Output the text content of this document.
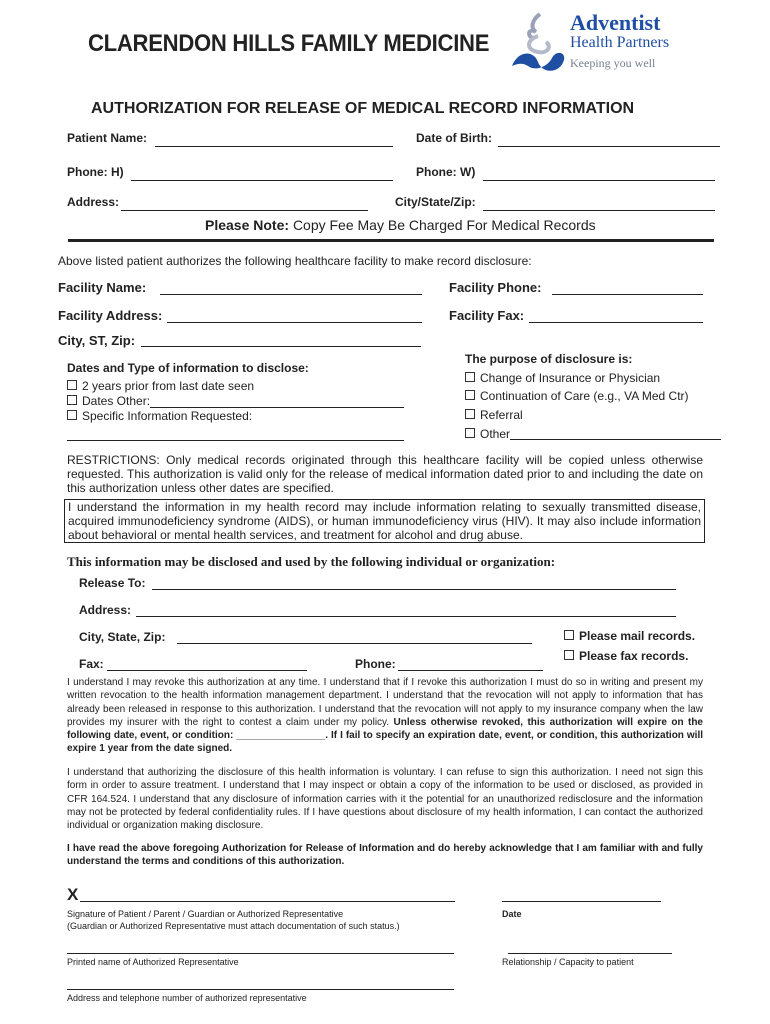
CLARENDON HILLS FAMILY MEDICINE
Adventist
Health Partners
Keeping you well
AUTHORIZATION FOR RELEASE OF MEDICAL RECORD INFORMATION
Patient Name:	Date of Birth:
Phone: H)	Phone: W)
Address:	City/State/Zip:
Please Note: Copy Fee May Be Charged For Medical Records
Above listed patient authorizes the following healthcare facility to make record disclosure:
Facility Name:	Facility Phone:
Facility Address:	Facility Fax:
City, ST, Zip:
Dates and Type of information to disclose:
2 years prior from last date seen
Dates Other:
Specific Information Requested:
The purpose of disclosure is:
Change of Insurance or Physician
Continuation of Care (e.g., VA Med Ctr)
Referral
Other
RESTRICTIONS: Only medical records originated through this healthcare facility will be copied unless otherwise requested. This authorization is valid only for the release of medical information dated prior to and including the date on this authorization unless other dates are specified.
I understand the information in my health record may include information relating to sexually transmitted disease, acquired immunodeficiency syndrome (AIDS), or human immunodeficiency virus (HIV). It may also include information about behavioral or mental health services, and treatment for alcohol and drug abuse.
This information may be disclosed and used by the following individual or organization:
Release To:
Address:
City, State, Zip:	Please mail records.
Please fax records.
Fax:	Phone:
I understand I may revoke this authorization at any time. I understand that if I revoke this authorization I must do so in writing and present my written revocation to the health information management department. I understand that the revocation will not apply to information that has already been released in response to this authorization. I understand that the revocation will not apply to my insurance company when the law provides my insurer with the right to contest a claim under my policy. Unless otherwise revoked, this authorization will expire on the following date, event, or condition: ________________. If I fail to specify an expiration date, event, or condition, this authorization will expire 1 year from the date signed.
I understand that authorizing the disclosure of this health information is voluntary. I can refuse to sign this authorization. I need not sign this form in order to assure treatment. I understand that I may inspect or obtain a copy of the information to be used or disclosed, as provided in CFR 164.524. I understand that any disclosure of information carries with it the potential for an unauthorized redisclosure and the information may not be protected by federal confidentiality rules. If I have questions about disclosure of my health information, I can contact the authorized individual or organization making disclosure.
I have read the above foregoing Authorization for Release of Information and do hereby acknowledge that I am familiar with and fully understand the terms and conditions of this authorization.
X
Signature of Patient / Parent / Guardian or Authorized Representative
(Guardian or Authorized Representative must attach documentation of such status.)
Date
Printed name of Authorized Representative	Relationship / Capacity to patient
Address and telephone number of authorized representative
